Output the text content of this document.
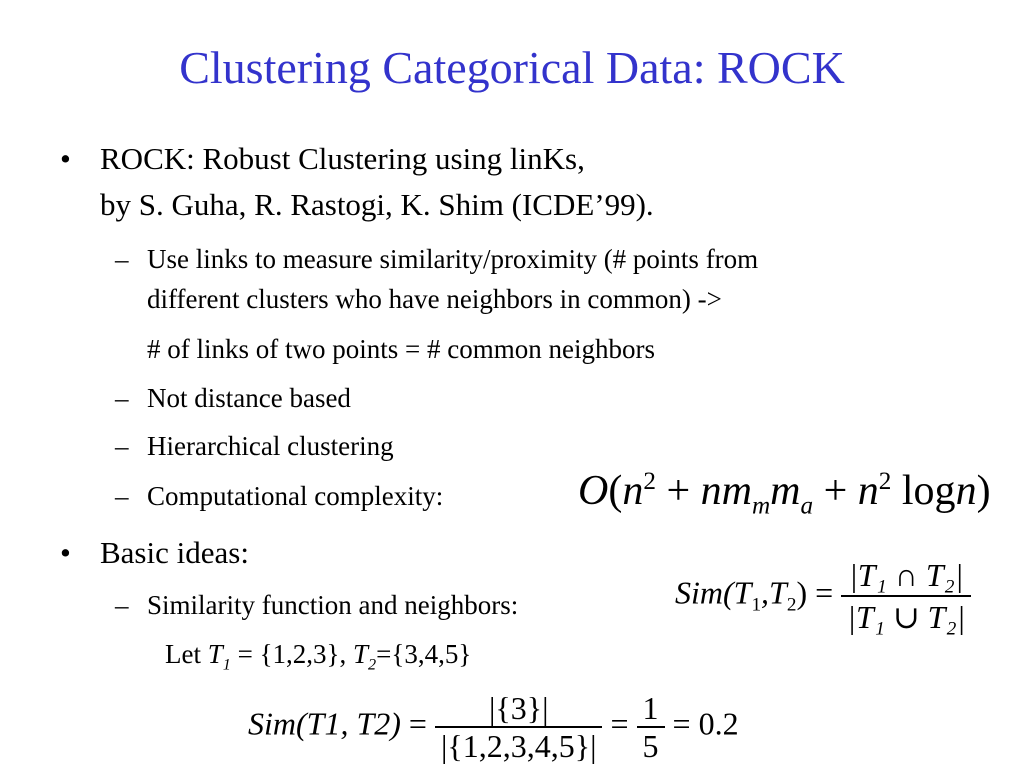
Clustering Categorical Data: ROCK
• ROCK: Robust Clustering using linKs,
by S. Guha, R. Rastogi, K. Shim (ICDE’99).
– Use links to measure similarity/proximity (# points from
different clusters who have neighbors in common) ->
# of links of two points = # common neighbors
– Not distance based
– Hierarchical clustering
– Computational complexity:	$O(n^2 + nm_mm_a + n^2$ logn)
• Basic ideas:
– Similarity function and neighbors:
Let $T_1 = \{1,2,3\}$, $T_2=\{3,4,5\}$
$Sim(T_1,T_2) = \frac{\text{|T₁ ∩ T₂|}}{\text{|T₁ ∪ T₂|}}$
Sim(T1, $T2) = \frac{|\{3\}|}{|\{1,2,3,4,5\}|} = \frac{1}{5} = 0.2$
